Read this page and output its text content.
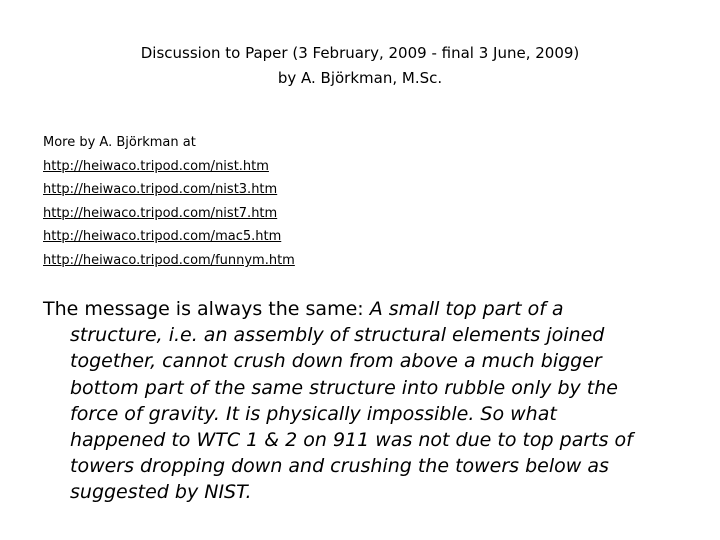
Discussion to Paper (3 February, 2009 - final 3 June, 2009)
by A. Björkman, M.Sc.
More by A. Björkman at
http://heiwaco.tripod.com/nist.htm
http://heiwaco.tripod.com/nist3.htm
http://heiwaco.tripod.com/nist7.htm
http://heiwaco.tripod.com/mac5.htm
http://heiwaco.tripod.com/funnym.htm
The message is always the same: A small top part of a
structure, i.e. an assembly of structural elements joined
together, cannot crush down from above a much bigger
bottom part of the same structure into rubble only by the
force of gravity. It is physically impossible. So what
happened to WTC 1 & 2 on 911 was not due to top parts of
towers dropping down and crushing the towers below as
suggested by NIST.
